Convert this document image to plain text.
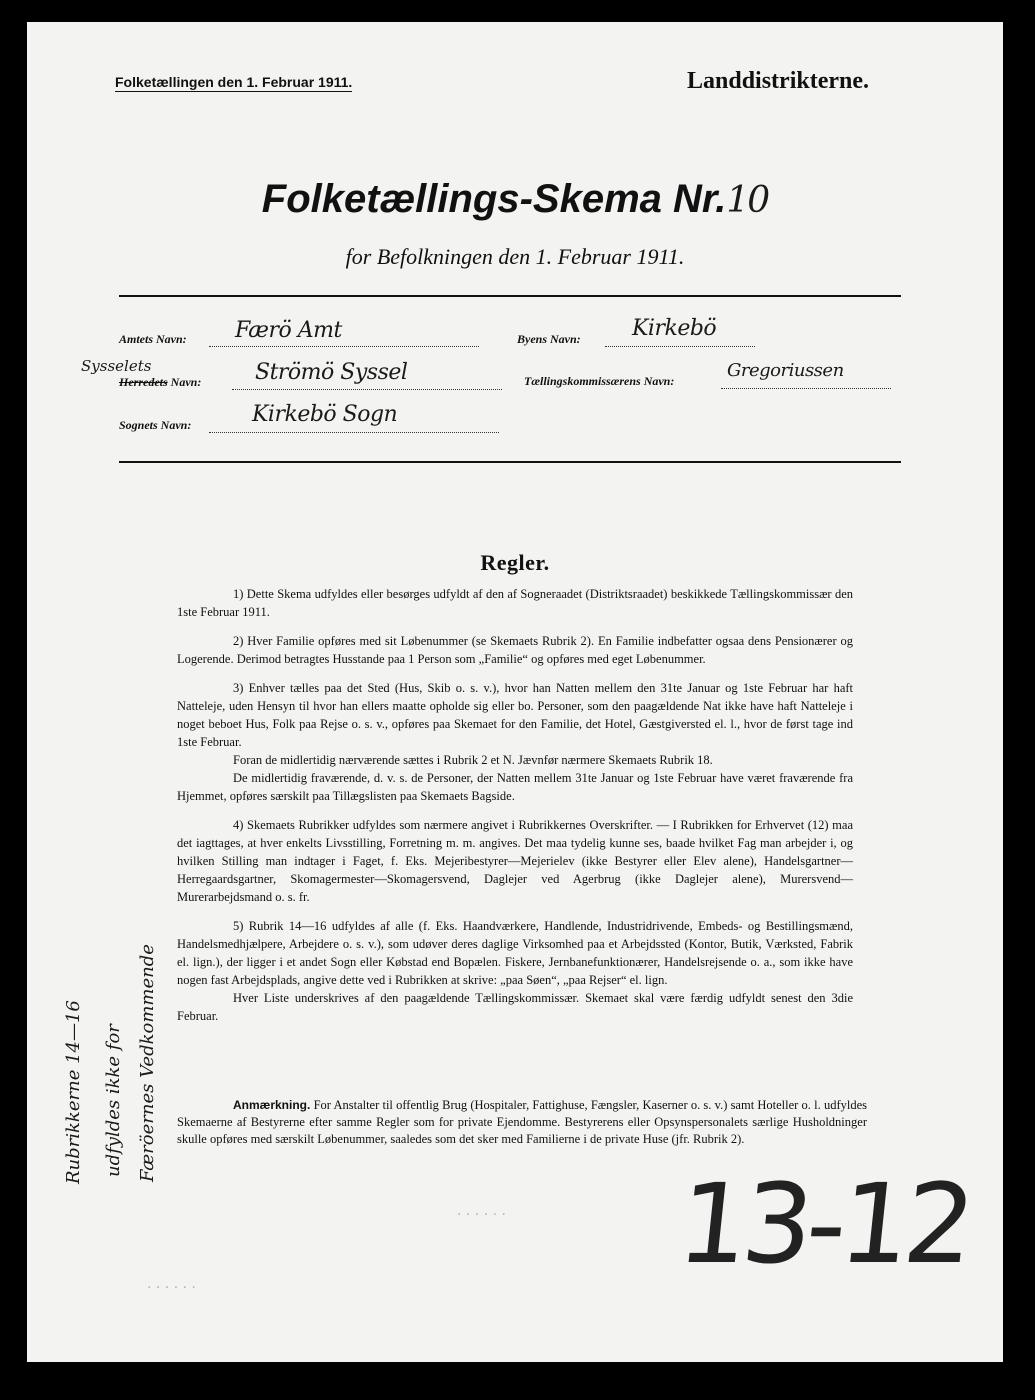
Folketællingen den 1. Februar 1911.	Landdistrikterne.
Folketællings-Skema Nr.10
for Befolkningen den 1. Februar 1911.
Amtets Navn: Færö Amt
Sysselets
Herredets Navn: Strömö Syssel
Sognets Navn:	Kirkebö Sogn
Byens Navn: Kirkebö
Tællingskommissærens Navn:	Gregoriussen
Regler.

1) Dette Skema udfyldes eller besørges udfyldt af den af Sogneraadet (Distriktsraadet) beskikkede Tællingskommissær den 1ste Februar 1911.

2) Hver Familie opføres med sit Løbenummer (se Skemaets Rubrik 2). En Familie indbefatter ogsaa dens Pensionærer og Logerende. Derimod betragtes Husstande paa 1 Person som „Familie“ og opføres med eget Løbenummer.

3) Enhver tælles paa det Sted (Hus, Skib o. s. v.), hvor han Natten mellem den 31te Januar og 1ste Februar har haft Natteleje, uden Hensyn til hvor han ellers maatte opholde sig eller bo. Personer, som den paagældende Nat ikke have haft Natteleje i noget beboet Hus, Folk paa Rejse o. s. v., opføres paa Skemaet for den Familie, det Hotel, Gæstgiversted el. l., hvor de først tage ind 1ste Februar.

Foran de midlertidig nærværende sættes i Rubrik 2 et N. Jævnfør nærmere Skemaets Rubrik 18.

De midlertidig fraværende, d. v. s. de Personer, der Natten mellem 31te Januar og 1ste Februar have været fraværende fra Hjemmet, opføres særskilt paa Tillægslisten paa Skemaets Bagside.

4) Skemaets Rubrikker udfyldes som nærmere angivet i Rubrikkernes Overskrifter. — I Rubrikken for Erhvervet (12) maa det iagttages, at hver enkelts Livsstilling, Forretning m. m. angives. Det maa tydelig kunne ses, baade hvilket Fag man arbejder i, og hvilken Stilling man indtager i Faget, f. Eks. Mejeribestyrer—Mejerielev (ikke Bestyrer eller Elev alene), Handelsgartner—Herregaardsgartner, Skomagermester—Skomagersvend, Daglejer ved Agerbrug (ikke Daglejer alene), Murersvend—Murerarbejdsmand o. s. fr.

5) Rubrik 14—16 udfyldes af alle (f. Eks. Haandværkere, Handlende, Industridrivende, Embeds- og Bestillingsmænd, Handelsmedhjælpere, Arbejdere o. s. v.), som udøver deres daglige Virksomhed paa et Arbejdssted (Kontor, Butik, Værksted, Fabrik el. lign.), der ligger i et andet Sogn eller Købstad end Bopælen. Fiskere, Jernbanefunktionærer, Handelsrejsende o. a., som ikke have nogen fast Arbejdsplads, angive dette ved i Rubrikken at skrive: „paa Søen“, „paa Rejser“ el. lign.

Hver Liste underskrives af den paagældende Tællingskommissær. Skemaet skal være færdig udfyldt senest den 3die Februar.

Anmærkning. For Anstalter til offentlig Brug (Hospitaler, Fattighuse, Fængsler, Kaserner o. s. v.) samt Hoteller o. l. udfyldes Skemaerne af Bestyrerne efter samme Regler som for private Ejendomme. Bestyrerens eller Opsynspersonalets særlige Husholdninger skulle opføres med særskilt Løbenummer, saaledes som det sker med Familierne i de private Huse (jfr. Rubrik 2).
Rubrikkerne 14—16 udfyldes ikke for Færöernes Vedkommende
· · · · · ·
· · · · · ·	13-12
